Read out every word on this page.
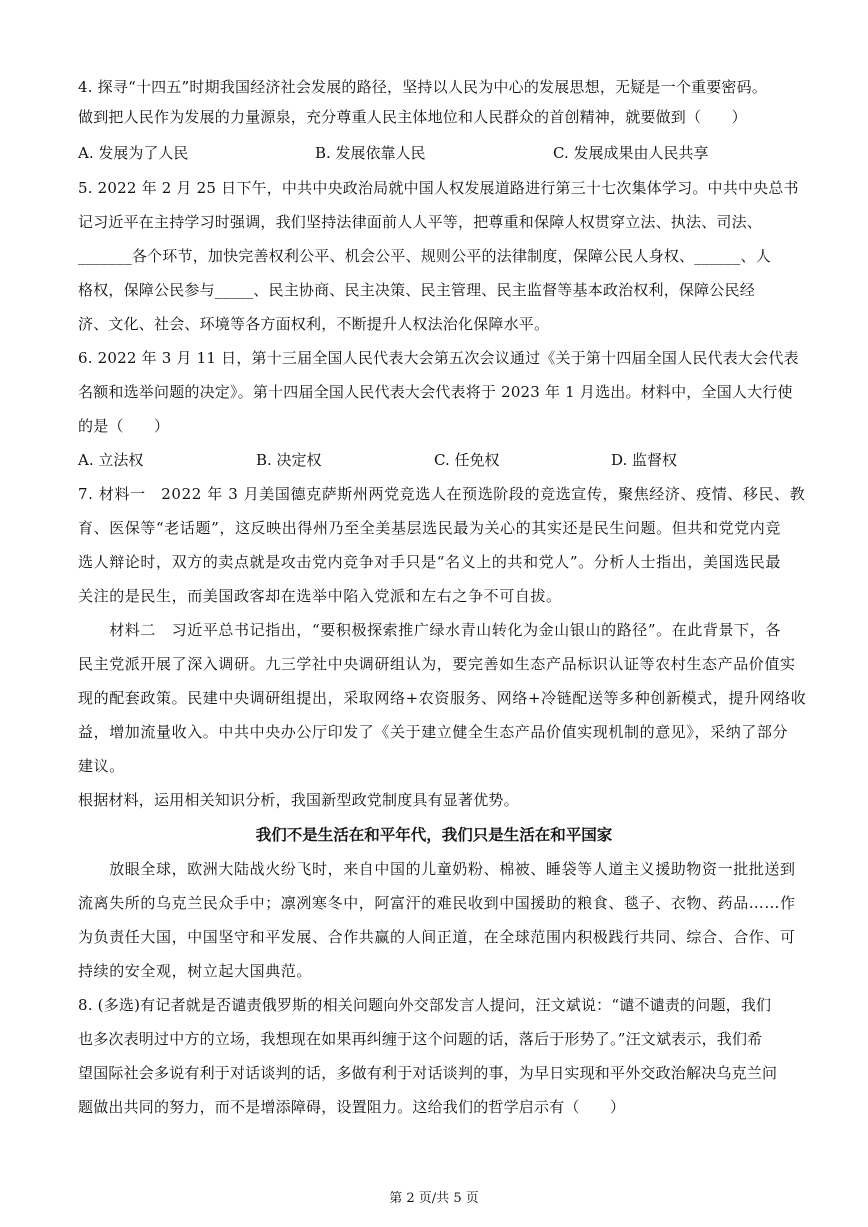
4. 探寻“十四五”时期我国经济社会发展的路径，坚持以人民为中心的发展思想，无疑是一个重要密码。
做到把人民作为发展的力量源泉，充分尊重人民主体地位和人民群众的首创精神，就要做到（　　）
A. 发展为了人民	B. 发展依靠人民	C. 发展成果由人民共享
5. 2022 年 2 月 25 日下午，中共中央政治局就中国人权发展道路进行第三十七次集体学习。中共中央总书
记习近平在主持学习时强调，我们坚持法律面前人人平等，把尊重和保障人权贯穿立法、执法、司法、
_______各个环节，加快完善权利公平、机会公平、规则公平的法律制度，保障公民人身权、______、人
格权，保障公民参与_____、民主协商、民主决策、民主管理、民主监督等基本政治权利，保障公民经
济、文化、社会、环境等各方面权利，不断提升人权法治化保障水平。
6. 2022 年 3 月 11 日，第十三届全国人民代表大会第五次会议通过《关于第十四届全国人民代表大会代表
名额和选举问题的决定》。第十四届全国人民代表大会代表将于 2023 年 1 月选出。材料中，全国人大行使
的是（　　）
A. 立法权	B. 决定权	C. 任免权	D. 监督权
7. 材料一　2022 年 3 月美国德克萨斯州两党竞选人在预选阶段的竞选宣传，聚焦经济、疫情、移民、教
育、医保等“老话题”，这反映出得州乃至全美基层选民最为关心的其实还是民生问题。但共和党党内竞
选人辩论时，双方的卖点就是攻击党内竞争对手只是“名义上的共和党人”。分析人士指出，美国选民最
关注的是民生，而美国政客却在选举中陷入党派和左右之争不可自拔。
　　材料二　习近平总书记指出，“要积极探索推广绿水青山转化为金山银山的路径”。在此背景下，各
民主党派开展了深入调研。九三学社中央调研组认为，要完善如生态产品标识认证等农村生态产品价值实
现的配套政策。民建中央调研组提出，采取网络+农资服务、网络+冷链配送等多种创新模式，提升网络收
益，增加流量收入。中共中央办公厅印发了《关于建立健全生态产品价值实现机制的意见》，采纳了部分
建议。
根据材料，运用相关知识分析，我国新型政党制度具有显著优势。
我们不是生活在和平年代，我们只是生活在和平国家
　　放眼全球，欧洲大陆战火纷飞时，来自中国的儿童奶粉、棉被、睡袋等人道主义援助物资一批批送到
流离失所的乌克兰民众手中；凛冽寒冬中，阿富汗的难民收到中国援助的粮食、毯子、衣物、药品……作
为负责任大国，中国坚守和平发展、合作共赢的人间正道，在全球范围内积极践行共同、综合、合作、可
持续的安全观，树立起大国典范。
8. (多选)有记者就是否谴责俄罗斯的相关问题向外交部发言人提问，汪文斌说：“谴不谴责的问题，我们
也多次表明过中方的立场，我想现在如果再纠缠于这个问题的话，落后于形势了。”汪文斌表示，我们希
望国际社会多说有利于对话谈判的话，多做有利于对话谈判的事，为早日实现和平外交政治解决乌克兰问
题做出共同的努力，而不是增添障碍，设置阻力。这给我们的哲学启示有（　　）
第 2 页/共 5 页
